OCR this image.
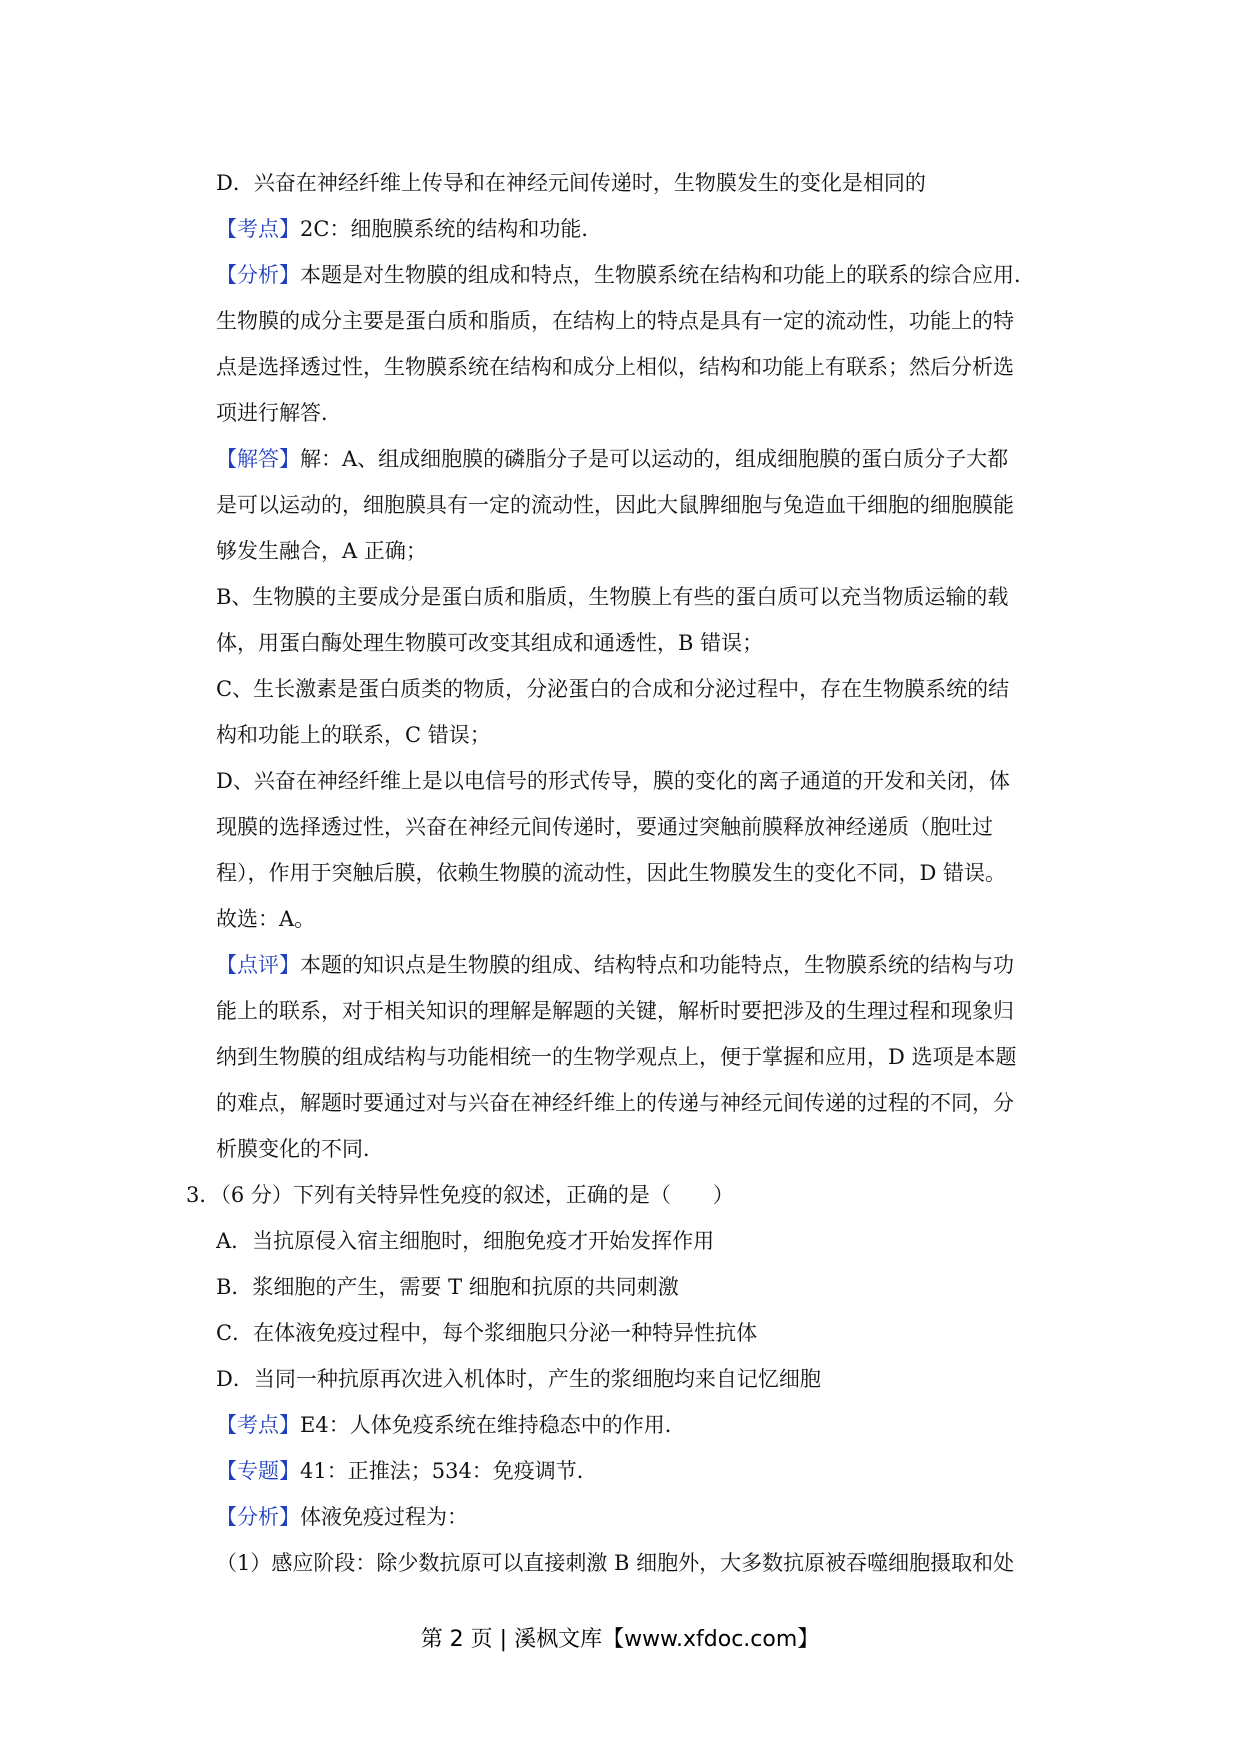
D．兴奋在神经纤维上传导和在神经元间传递时，生物膜发生的变化是相同的
【考点】2C：细胞膜系统的结构和功能．
【分析】本题是对生物膜的组成和特点，生物膜系统在结构和功能上的联系的综合应用．
生物膜的成分主要是蛋白质和脂质，在结构上的特点是具有一定的流动性，功能上的特
点是选择透过性，生物膜系统在结构和成分上相似，结构和功能上有联系；然后分析选
项进行解答．
【解答】解：A、组成细胞膜的磷脂分子是可以运动的，组成细胞膜的蛋白质分子大都
是可以运动的，细胞膜具有一定的流动性，因此大鼠脾细胞与兔造血干细胞的细胞膜能
够发生融合，A 正确；
B、生物膜的主要成分是蛋白质和脂质，生物膜上有些的蛋白质可以充当物质运输的载
体，用蛋白酶处理生物膜可改变其组成和通透性，B 错误；
C、生长激素是蛋白质类的物质，分泌蛋白的合成和分泌过程中，存在生物膜系统的结
构和功能上的联系，C 错误；
D、兴奋在神经纤维上是以电信号的形式传导，膜的变化的离子通道的开发和关闭，体
现膜的选择透过性，兴奋在神经元间传递时，要通过突触前膜释放神经递质（胞吐过
程），作用于突触后膜，依赖生物膜的流动性，因此生物膜发生的变化不同，D 错误。
故选：A。
【点评】本题的知识点是生物膜的组成、结构特点和功能特点，生物膜系统的结构与功
能上的联系，对于相关知识的理解是解题的关键，解析时要把涉及的生理过程和现象归
纳到生物膜的组成结构与功能相统一的生物学观点上，便于掌握和应用，D 选项是本题
的难点，解题时要通过对与兴奋在神经纤维上的传递与神经元间传递的过程的不同，分
析膜变化的不同．
3．（6 分）下列有关特异性免疫的叙述，正确的是（　　）
A．当抗原侵入宿主细胞时，细胞免疫才开始发挥作用
B．浆细胞的产生，需要 T 细胞和抗原的共同刺激
C．在体液免疫过程中，每个浆细胞只分泌一种特异性抗体
D．当同一种抗原再次进入机体时，产生的浆细胞均来自记忆细胞
【考点】E4：人体免疫系统在维持稳态中的作用．
【专题】41：正推法；534：免疫调节．
【分析】体液免疫过程为：
（1）感应阶段：除少数抗原可以直接刺激 B 细胞外，大多数抗原被吞噬细胞摄取和处
第 2 页 | 溪枫文库【www.xfdoc.com】
